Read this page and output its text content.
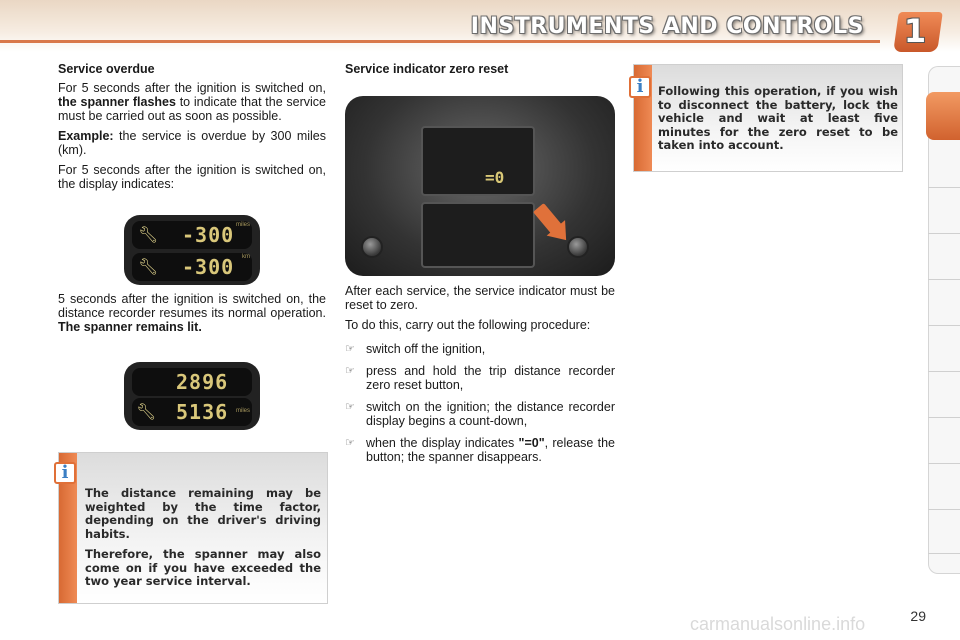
INSTRUMENTS AND CONTROLS 1
Service overdue

For 5 seconds after the ignition is switched on, the spanner flashes to indicate that the service must be carried out as soon as possible.

Example: the service is overdue by 300 miles (km).

For 5 seconds after the ignition is switched on, the display indicates:

🔧︎ -300 miles
🔧︎ -300 km

5 seconds after the ignition is switched on, the distance recorder resumes its normal operation. The spanner remains lit.

2896
🔧︎ 5136 miles

The distance remaining may be weighted by the time factor, depending on the driver's driving habits.

Therefore, the spanner may also come on if you have exceeded the two year service interval.

i
Service indicator zero reset
=0

After each service, the service indicator must be reset to zero.

To do this, carry out the following procedure:

☞ switch off the ignition,
☞ press and hold the trip distance recorder zero reset button,
☞ switch on the ignition; the distance recorder display begins a count-down,
☞ when the display indicates "=0", release the button; the spanner disappears.
Following this operation, if you wish to disconnect the battery, lock the vehicle and wait at least five minutes for the zero reset to be taken into account.
i
29
carmanualsonline.info
